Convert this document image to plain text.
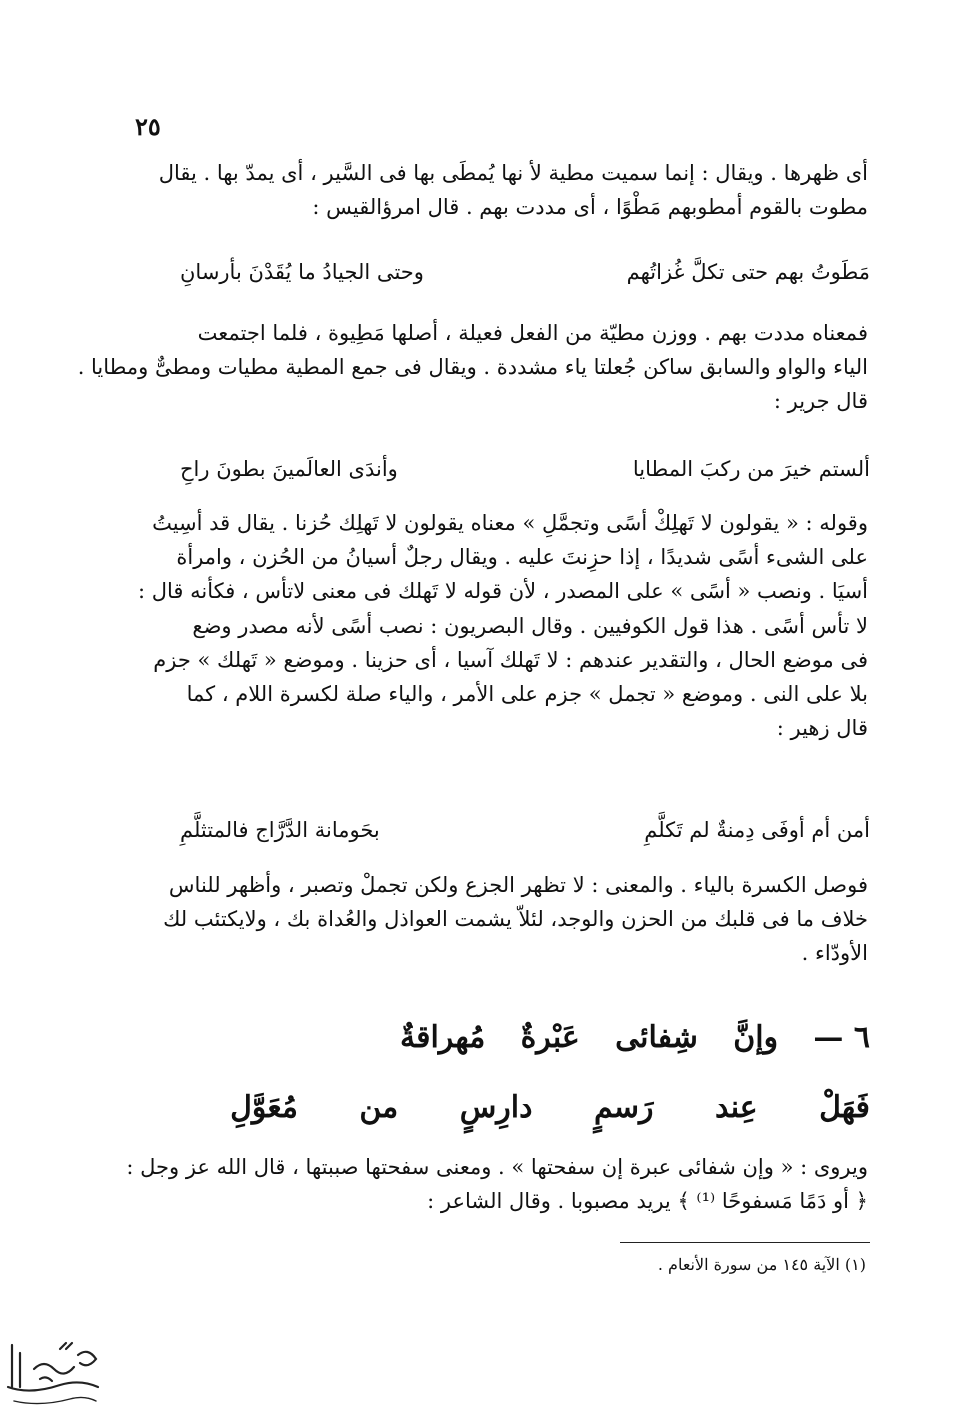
٢٥
أى ظهرها . ويقال : إنما سميت مطية لأ نها يُمطَى بها فى السَّير ، أى يمدّ بها . يقال
مطوت بالقوم أمطوبهم مَطْوًا ، أى مددت بهم . قال امرؤالقيس :
مَطَوتُ بهم حتى تكلَّ غُزاتُهم
وحتى الجيادُ ما يُقَدْنَ بأرسانِ
فمعناه مددت بهم . ووزن مطيّة من الفعل فعيلة ، أصلها مَطِيوة ، فلما اجتمعت
الياء والواو والسابق ساكن جُعلتا ياء مشددة . ويقال فى جمع المطية مطيات ومطىٌّ ومطايا .
قال جرير :
ألستم خيرَ من ركبَ المطايا
وأندَى العالَمينَ بطونَ راحِ
وقوله : « يقولون لا تَهلِكْ أسًى وتجمَّلِ » معناه يقولون لا تَهلِك حُزنا . يقال قد أسِيتُ
على الشىء أسًى شديدًا ، إذا حزِنتَ عليه . ويقال رجلٌ أسيانُ من الحُزن ، وامرأة
أسيَا . ونصب « أسًى » على المصدر ، لأن قوله لا تَهلك فى معنى لاتأس ، فكأنه قال :
لا تأس أسًى . هذا قول الكوفيين . وقال البصريون : نصب أسًى لأنه مصدر وضع
فى موضع الحال ، والتقدير عندهم : لا تَهلك آسيا ، أى حزينا . وموضع « تَهلك » جزم
بلا على النى . وموضع « تجمل » جزم على الأمر ، والياء صلة لكسرة اللام ، كما
قال زهير :
أمن أم أوفَى دِمنةٌ لم تَكلَّمِ
بحَومانة الدَّرَّاج فالمتثلَّمِ
فوصل الكسرة بالياء . والمعنى : لا تظهر الجزع ولكن تجملْ وتصبر ، وأظهر للناس
خلاف ما فى قلبك من الحزن والوجد، لئلاّ يشمت العواذل والعُداة بك ، ولايكتئب لك
الأودّاء .
٦ —
وإنَّ
شِفائى
عَبْرةٌ
مُهراقةٌ
فَهَلْ
عِند
رَسمٍ
دارِسٍ
من
مُعَوَّلِ
ويروى : « وإن شفائى عبرة إن سفحتها » . ومعنى سفحتها صببتها ، قال الله عز وجل :
﴿ أو دَمًا مَسفوحًا ⁽¹⁾ ﴾ يريد مصبوبا . وقال الشاعر :
(١) الآية ١٤٥ من سورة الأنعام .
